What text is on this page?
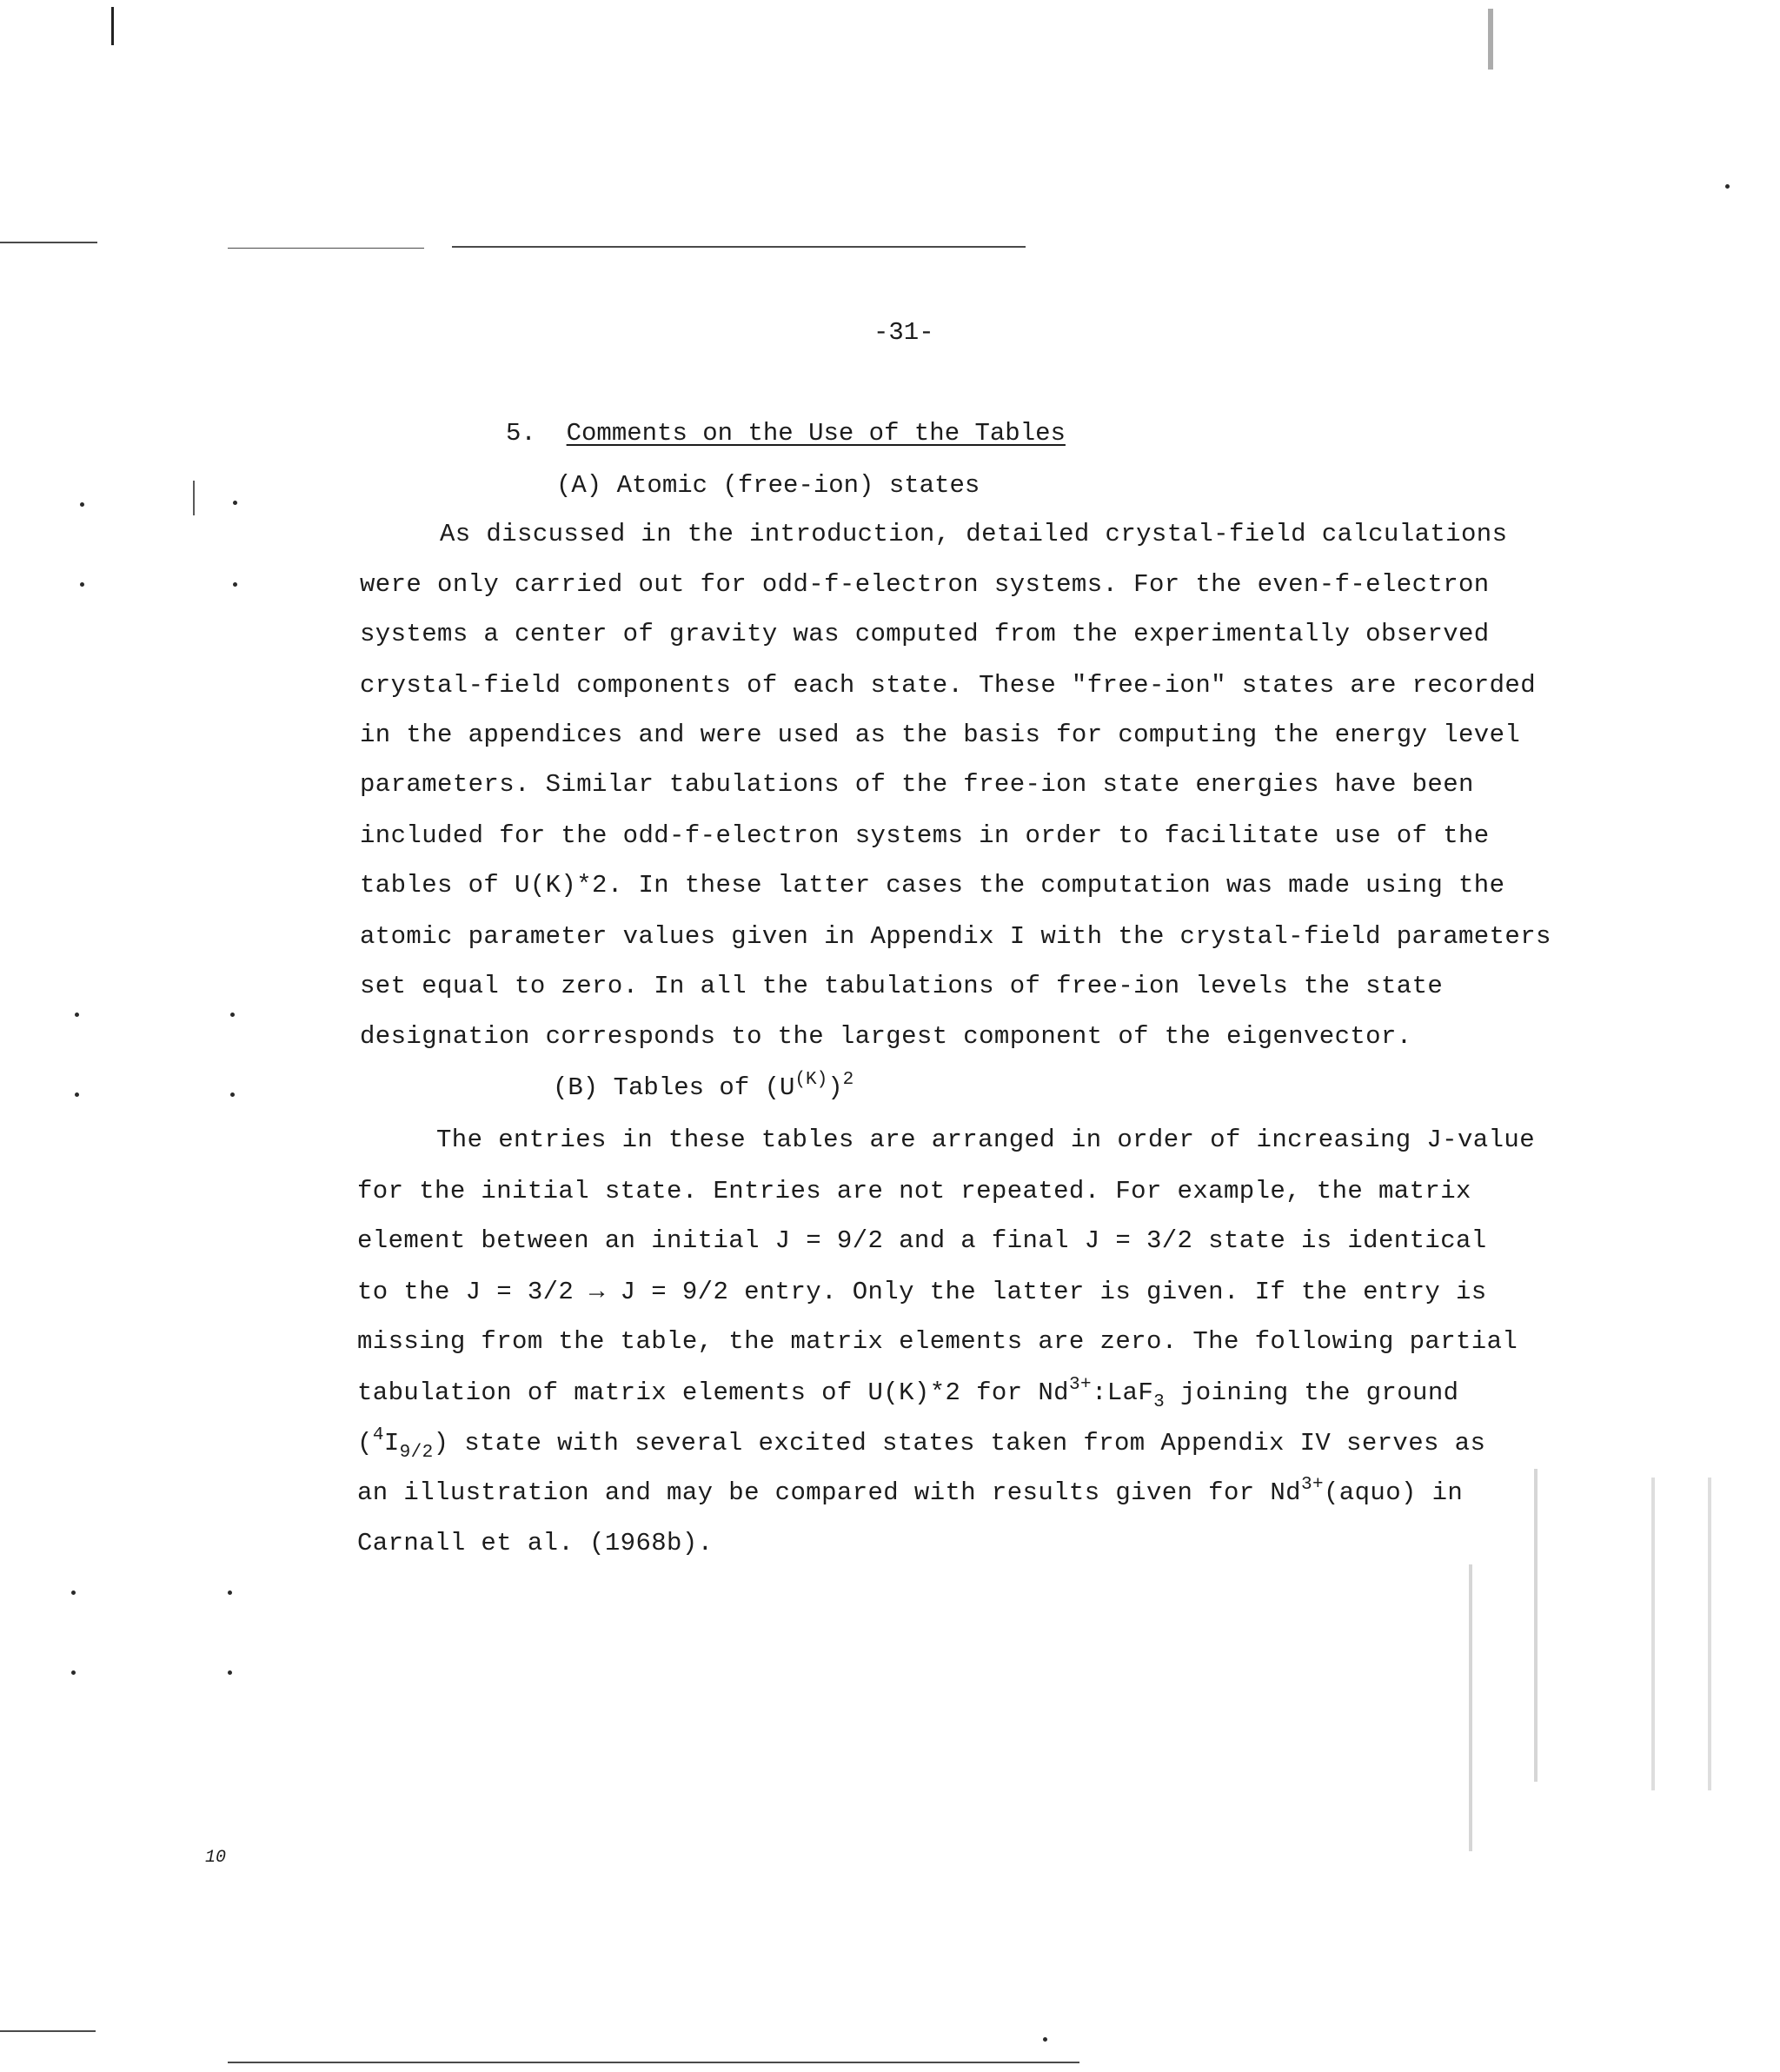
10
-31-
5. Comments on the Use of the Tables
(A) Atomic (free-ion) states
As discussed in the introduction, detailed crystal-field calculations
were only carried out for odd-f-electron systems. For the even-f-electron
systems a center of gravity was computed from the experimentally observed
crystal-field components of each state. These "free-ion" states are recorded
in the appendices and were used as the basis for computing the energy level
parameters. Similar tabulations of the free-ion state energies have been
included for the odd-f-electron systems in order to facilitate use of the
tables of U(K)*2. In these latter cases the computation was made using the
atomic parameter values given in Appendix I with the crystal-field parameters
set equal to zero. In all the tabulations of free-ion levels the state
designation corresponds to the largest component of the eigenvector.
(B) Tables of $(U^{(K)})^2$
The entries in these tables are arranged in order of increasing J-value
for the initial state. Entries are not repeated. For example, the matrix
element between an initial J = 9/2 and a final J = 3/2 state is identical
to the J = 3/2 → J = 9/2 entry. Only the latter is given. If the entry is
missing from the table, the matrix elements are zero. The following partial
tabulation of matrix elements of U(K)*2 for $Nd^{3+}:LaF_3$ joining the ground
$(^4I_{9/2})$ state with several excited states taken from Appendix IV serves as
an illustration and may be compared with results given for $Nd^{3+}(aquo)$ in
Carnall et al. (1968b).
